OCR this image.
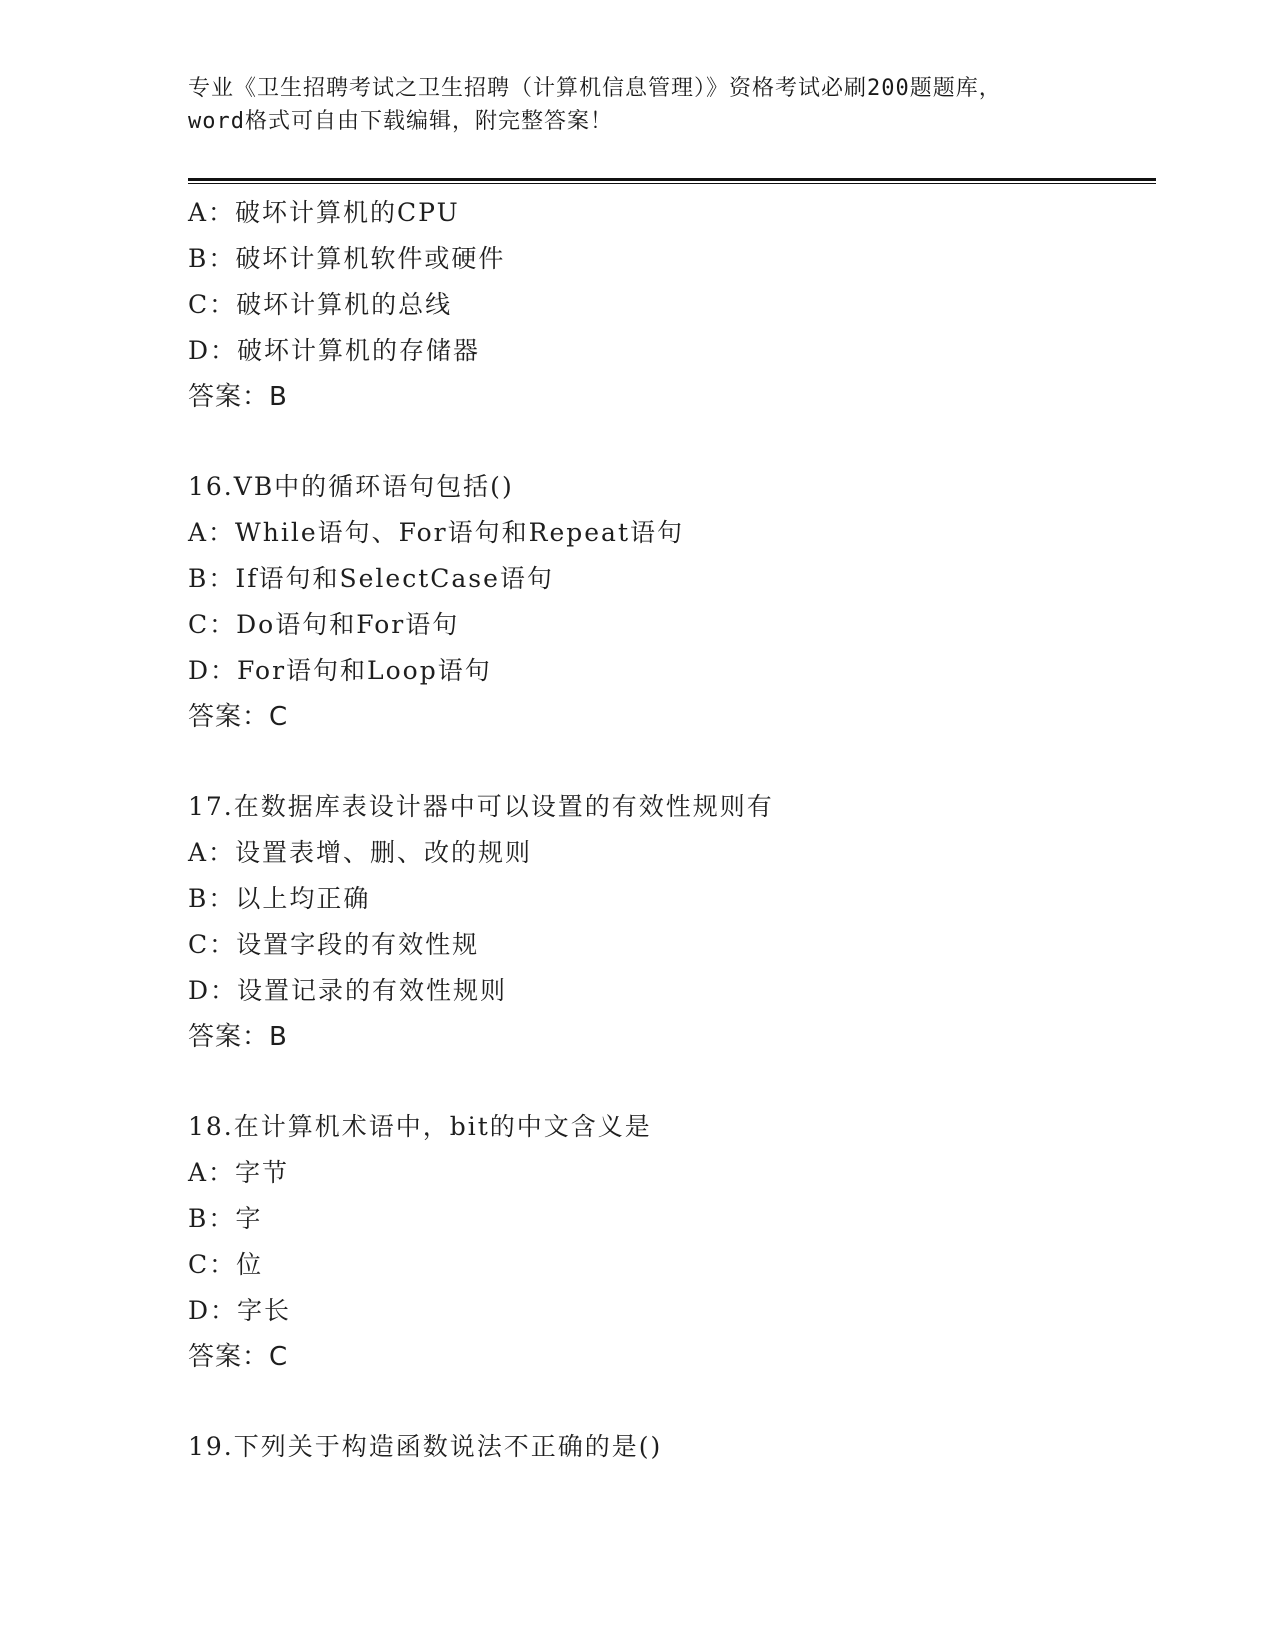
专业《卫生招聘考试之卫生招聘（计算机信息管理）》资格考试必刷200题题库，
word格式可自由下载编辑，附完整答案！
A：破坏计算机的CPU
B：破坏计算机软件或硬件
C：破坏计算机的总线
D：破坏计算机的存储器
答案：B
16.VB中的循环语句包括()
A：While语句、For语句和Repeat语句
B：If语句和SelectCase语句
C：Do语句和For语句
D：For语句和Loop语句
答案：C
17.在数据库表设计器中可以设置的有效性规则有
A：设置表增、删、改的规则
B：以上均正确
C：设置字段的有效性规
D：设置记录的有效性规则
答案：B
18.在计算机术语中，bit的中文含义是
A：字节
B：字
C：位
D：字长
答案：C
19.下列关于构造函数说法不正确的是()
